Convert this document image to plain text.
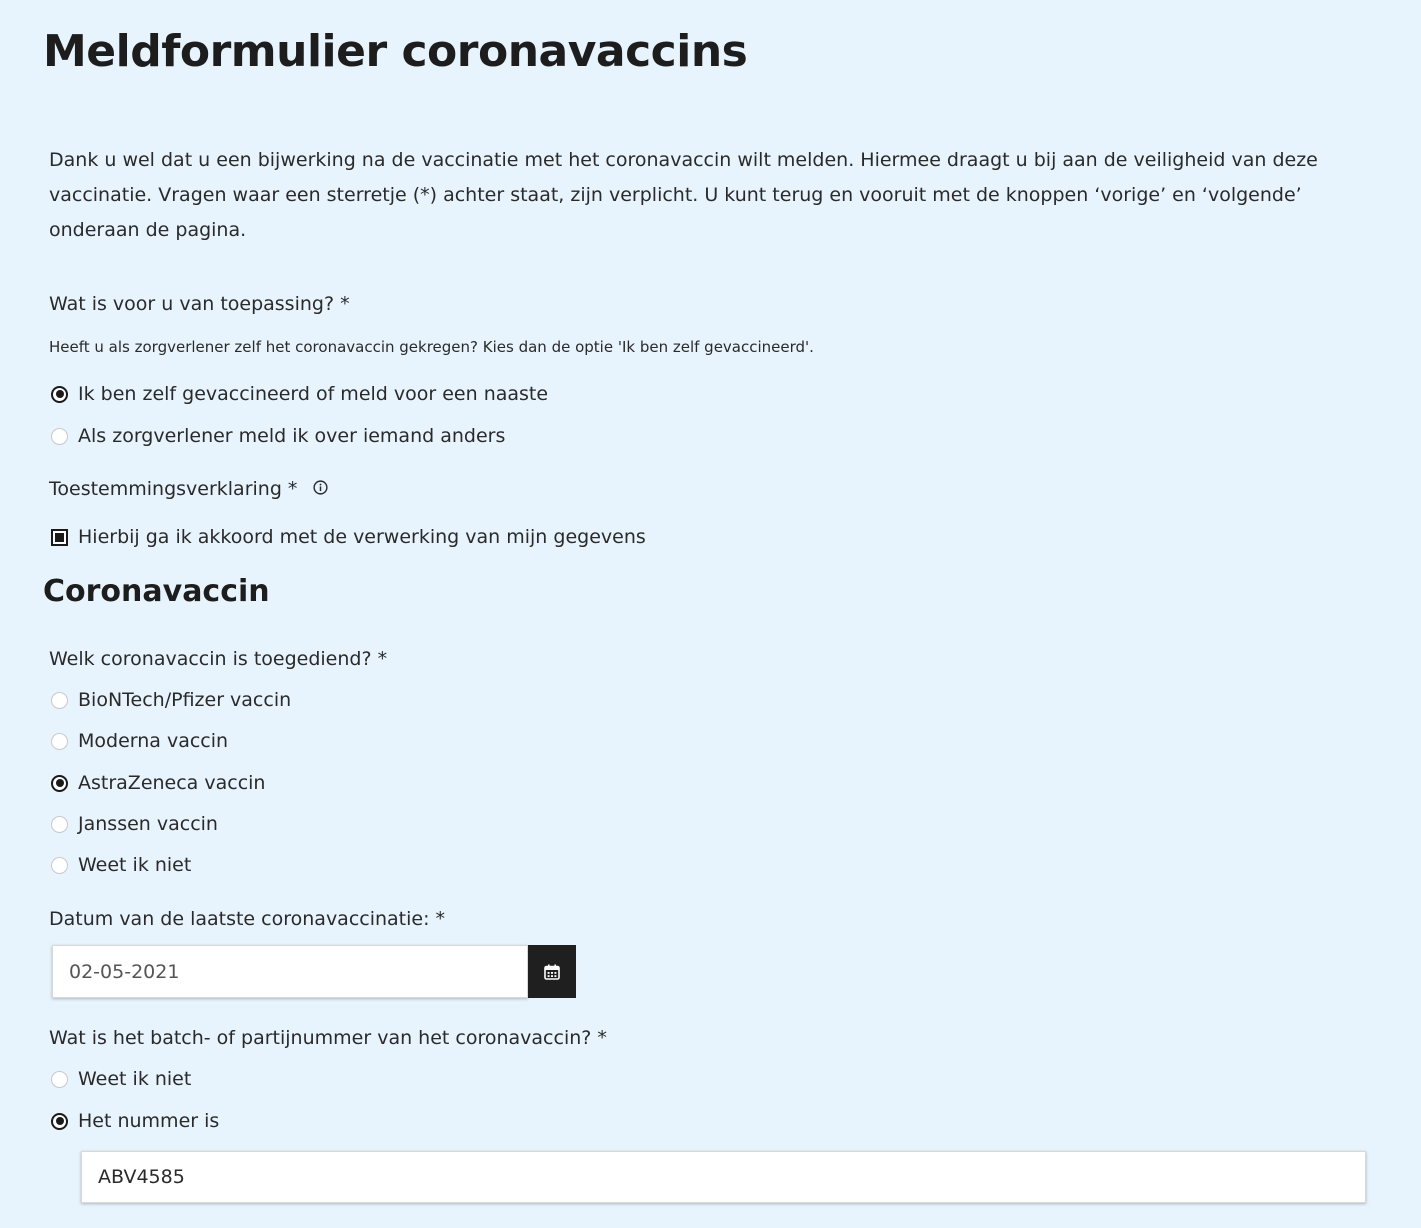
Meldformulier coronavaccins

Dank u wel dat u een bijwerking na de vaccinatie met het coronavaccin wilt melden. Hiermee draagt u bij aan de veiligheid van deze vaccinatie. Vragen waar een sterretje (*) achter staat, zijn verplicht. U kunt terug en vooruit met de knoppen ‘vorige’ en ‘volgende’ onderaan de pagina.

Wat is voor u van toepassing? *
Heeft u als zorgverlener zelf het coronavaccin gekregen? Kies dan de optie 'Ik ben zelf gevaccineerd'.
Ik ben zelf gevaccineerd of meld voor een naaste
Als zorgverlener meld ik over iemand anders
Toestemmingsverklaring *
Hierbij ga ik akkoord met de verwerking van mijn gegevens
Coronavaccin
Welk coronavaccin is toegediend? *
BioNTech/Pfizer vaccin
Moderna vaccin
AstraZeneca vaccin
Janssen vaccin
Weet ik niet
Datum van de laatste coronavaccinatie: *
02-05-2021
Wat is het batch- of partijnummer van het coronavaccin? *
Weet ik niet
Het nummer is
ABV4585
